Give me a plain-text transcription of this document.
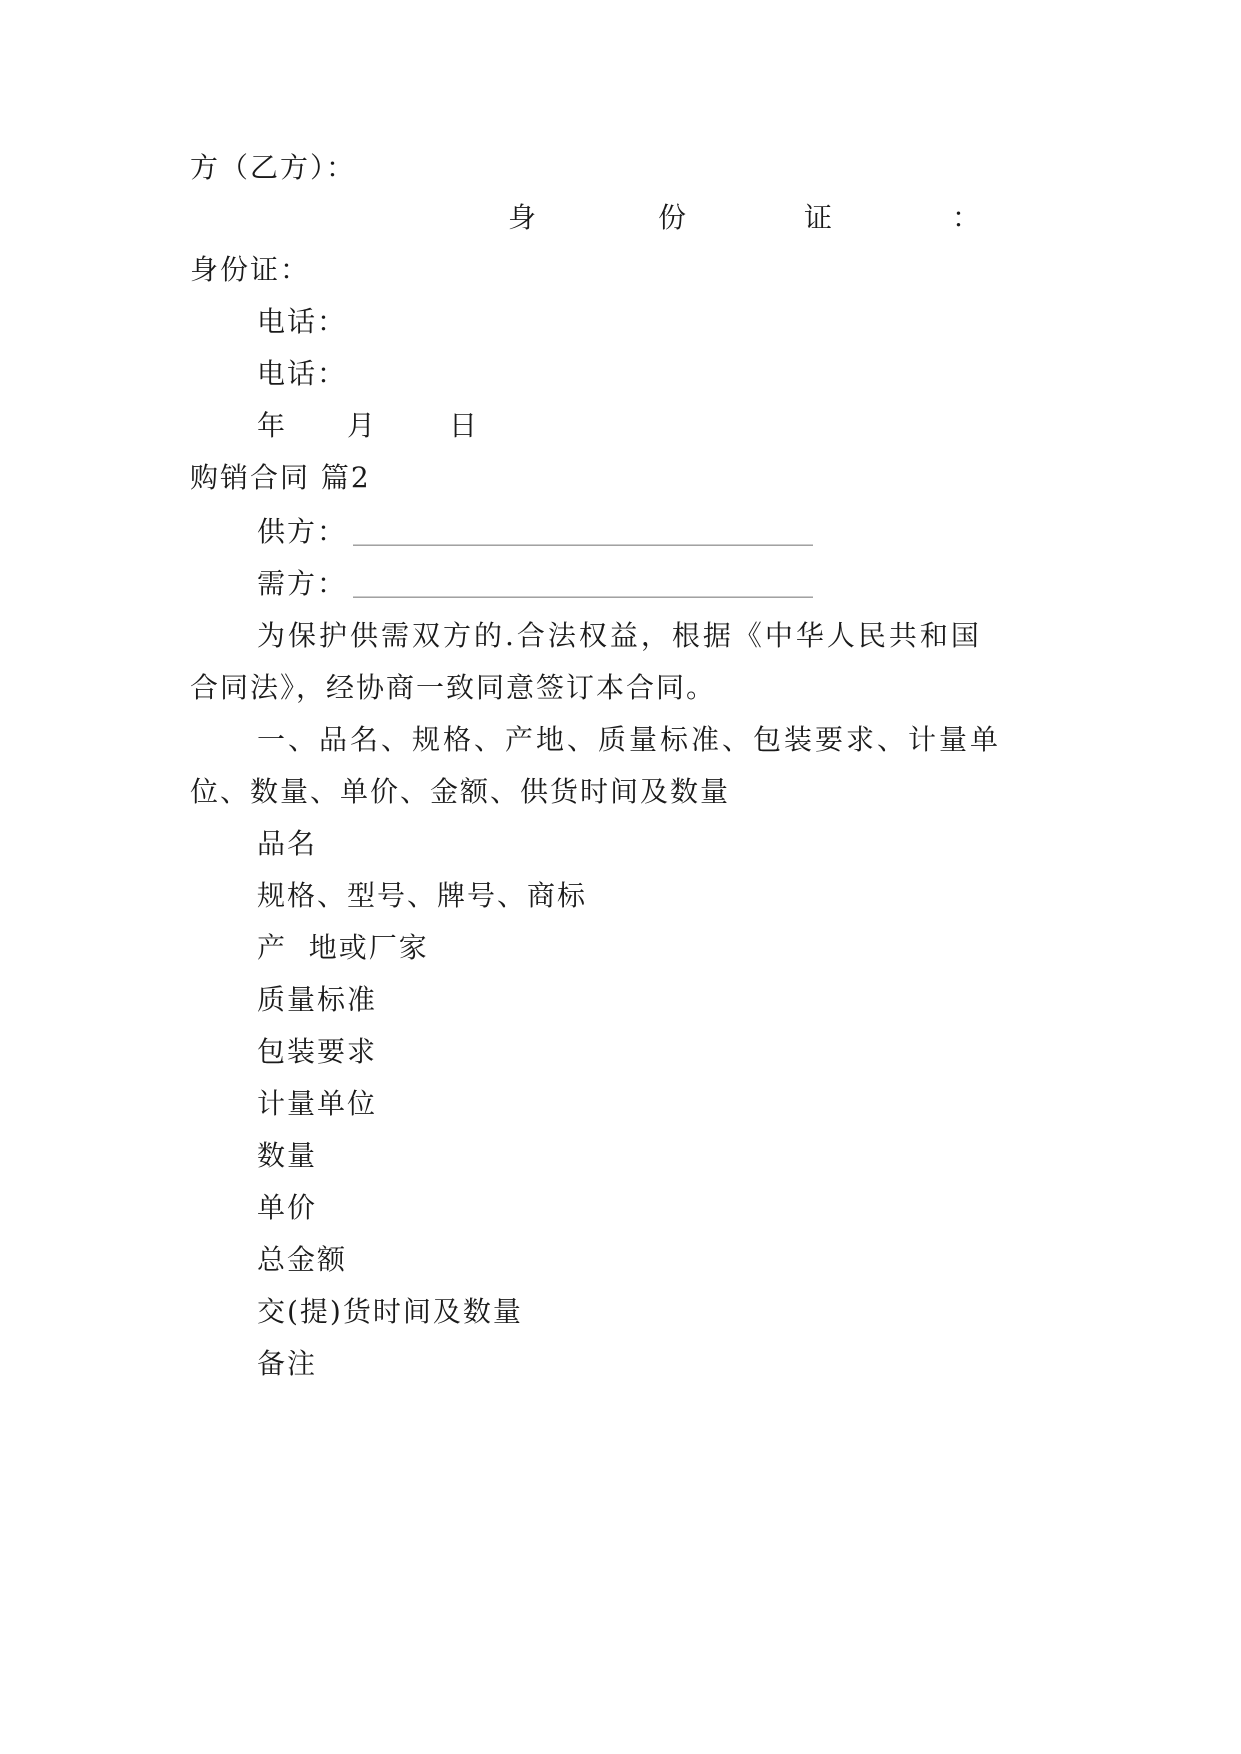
方（乙方）：
身	份	证	：
身份证：
电话：
电话：
年 月	日
购销合同 篇2
供方： ______________________________________________
需方： ______________________________________________
为保护供需双方的.合法权益，根据《中华人民共和国
合同法》，经协商一致同意签订本合同。
一、品名、规格、产地、质量标准、包装要求、计量单
位、数量、单价、金额、供货时间及数量
品名
规格、型号、牌号、商标
产  地或厂家
质量标准
包装要求
计量单位
数量
单价
总金额
交(提)货时间及数量
备注
